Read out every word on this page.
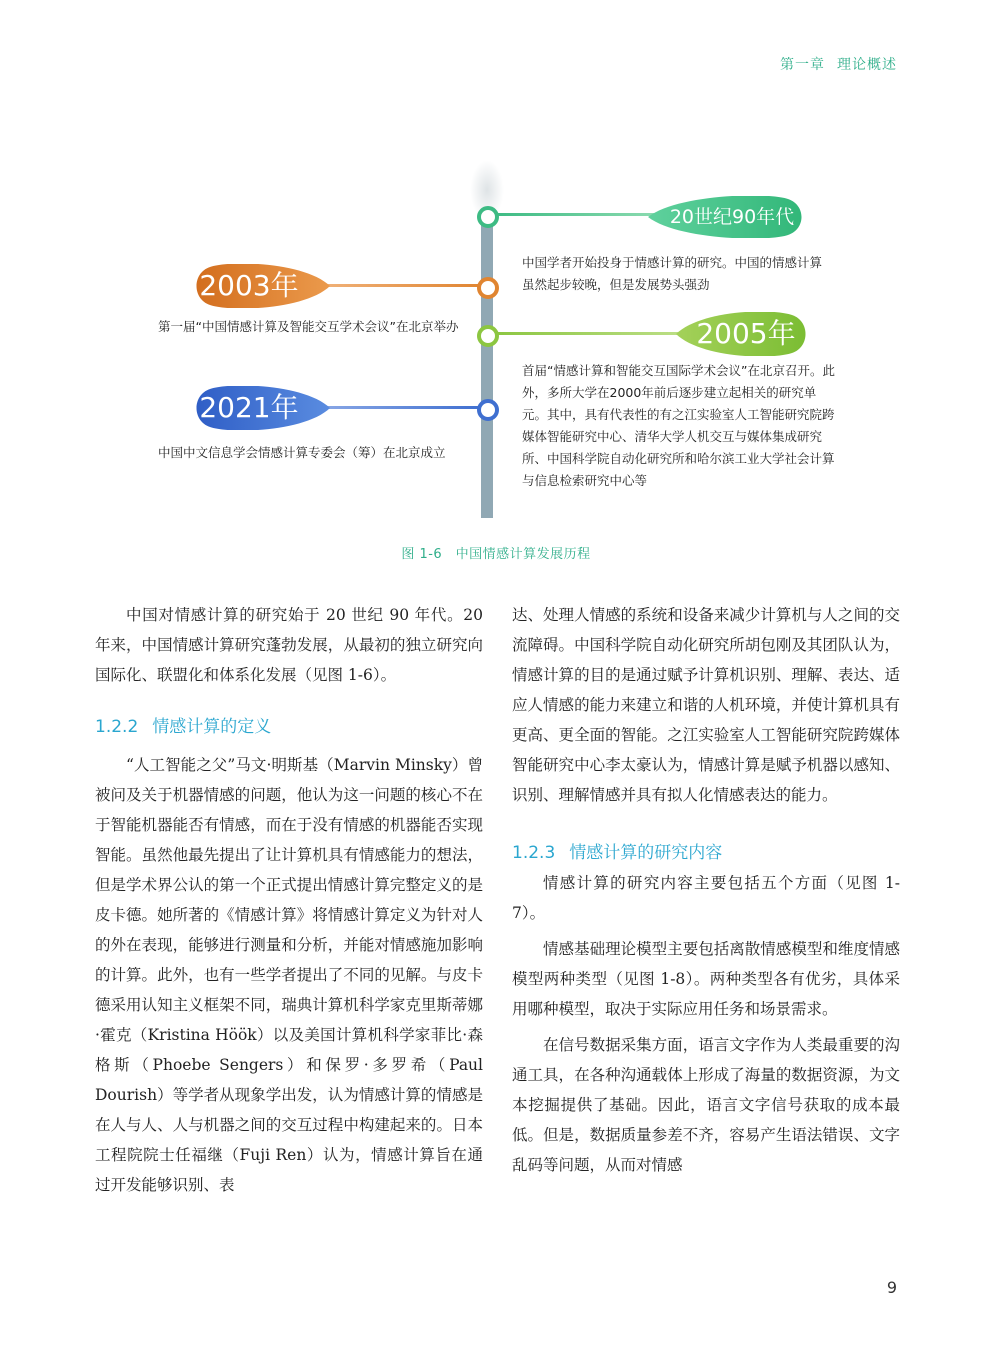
第一章 理论概述
20世纪90年代
中国学者开始投身于情感计算的研究。中国的情感计算虽然起步较晚，但是发展势头强劲
2003年
第一届“中国情感计算及智能交互学术会议”在北京举办	2005年
首届“情感计算和智能交互国际学术会议”在北京召开。此外，多所大学在2000年前后逐步建立起相关的研究单元。其中，具有代表性的有之江实验室人工智能研究院跨媒体智能研究中心、清华大学人机交互与媒体集成研究所、中国科学院自动化研究所和哈尔滨工业大学社会计算与信息检索研究中心等
2021年
中国中文信息学会情感计算专委会（筹）在北京成立
图 1-6　中国情感计算发展历程

中国对情感计算的研究始于 20 世纪 90 年代。20 年来，中国情感计算研究蓬勃发展，从最初的独立研究向国际化、联盟化和体系化发展（见图 1-6）。

1.2.2 情感计算的定义

“人工智能之父”马文·明斯基（Marvin Minsky）曾被问及关于机器情感的问题，他认为这一问题的核心不在于智能机器能否有情感，而在于没有情感的机器能否实现智能。虽然他最先提出了让计算机具有情感能力的想法，但是学术界公认的第一个正式提出情感计算完整定义的是皮卡德。她所著的《情感计算》将情感计算定义为针对人的外在表现，能够进行测量和分析，并能对情感施加影响的计算。此外，也有一些学者提出了不同的见解。与皮卡德采用认知主义框架不同，瑞典计算机科学家克里斯蒂娜·霍克（Kristina Höök）以及美国计算机科学家菲比·森格斯（Phoebe Sengers）和保罗·多罗希（Paul Dourish）等学者从现象学出发，认为情感计算的情感是在人与人、人与机器之间的交互过程中构建起来的。日本工程院院士任福继（Fuji Ren）认为，情感计算旨在通过开发能够识别、表

达、处理人情感的系统和设备来减少计算机与人之间的交流障碍。中国科学院自动化研究所胡包刚及其团队认为，情感计算的目的是通过赋予计算机识别、理解、表达、适应人情感的能力来建立和谐的人机环境，并使计算机具有更高、更全面的智能。之江实验室人工智能研究院跨媒体智能研究中心李太豪认为，情感计算是赋予机器以感知、识别、理解情感并具有拟人化情感表达的能力。

1.2.3 情感计算的研究内容

情感计算的研究内容主要包括五个方面（见图 1-7）。

情感基础理论模型主要包括离散情感模型和维度情感模型两种类型（见图 1-8）。两种类型各有优劣，具体采用哪种模型，取决于实际应用任务和场景需求。

在信号数据采集方面，语言文字作为人类最重要的沟通工具，在各种沟通载体上形成了海量的数据资源，为文本挖掘提供了基础。因此，语言文字信号获取的成本最低。但是，数据质量参差不齐，容易产生语法错误、文字乱码等问题，从而对情感

9
